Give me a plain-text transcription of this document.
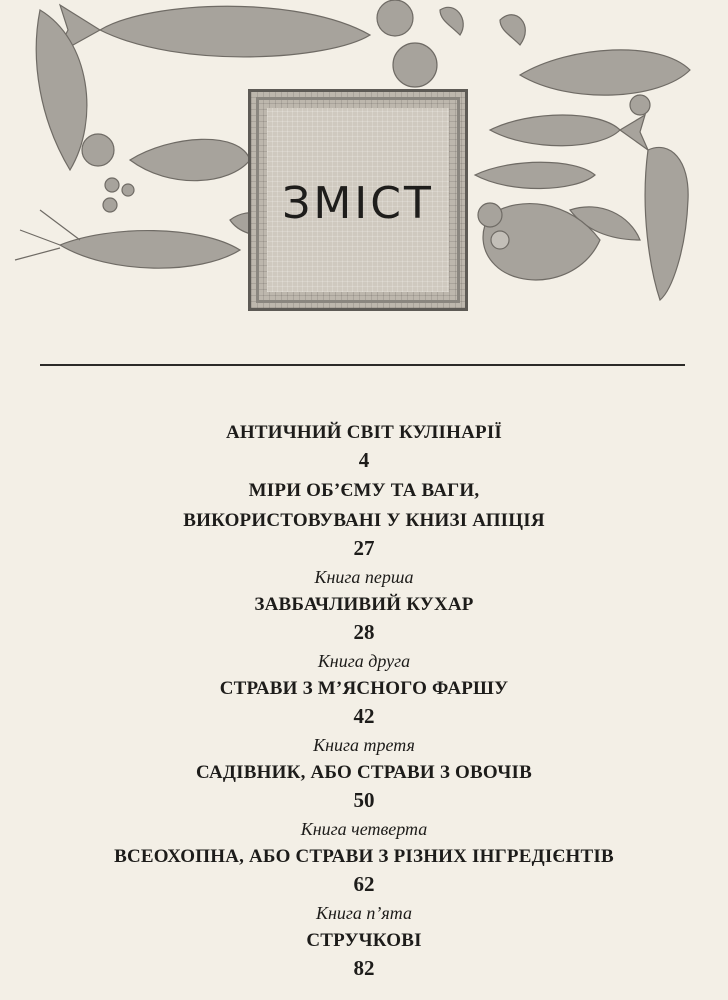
ЗМІСТ

АНТИЧНИЙ СВІТ КУЛІНАРІЇ

4

МІРИ ОБ’ЄМУ ТА ВАГИ,

ВИКОРИСТОВУВАНІ У КНИЗІ АПІЦІЯ

27

Книга перша

ЗАВБАЧЛИВИЙ КУХАР

28

Книга друга

СТРАВИ З М’ЯСНОГО ФАРШУ

42

Книга третя

САДІВНИК, АБО СТРАВИ З ОВОЧІВ

50

Книга четверта

ВСЕОХОПНА, АБО СТРАВИ З РІЗНИХ ІНГРЕДІЄНТІВ

62

Книга п’ята

СТРУЧКОВІ

82
